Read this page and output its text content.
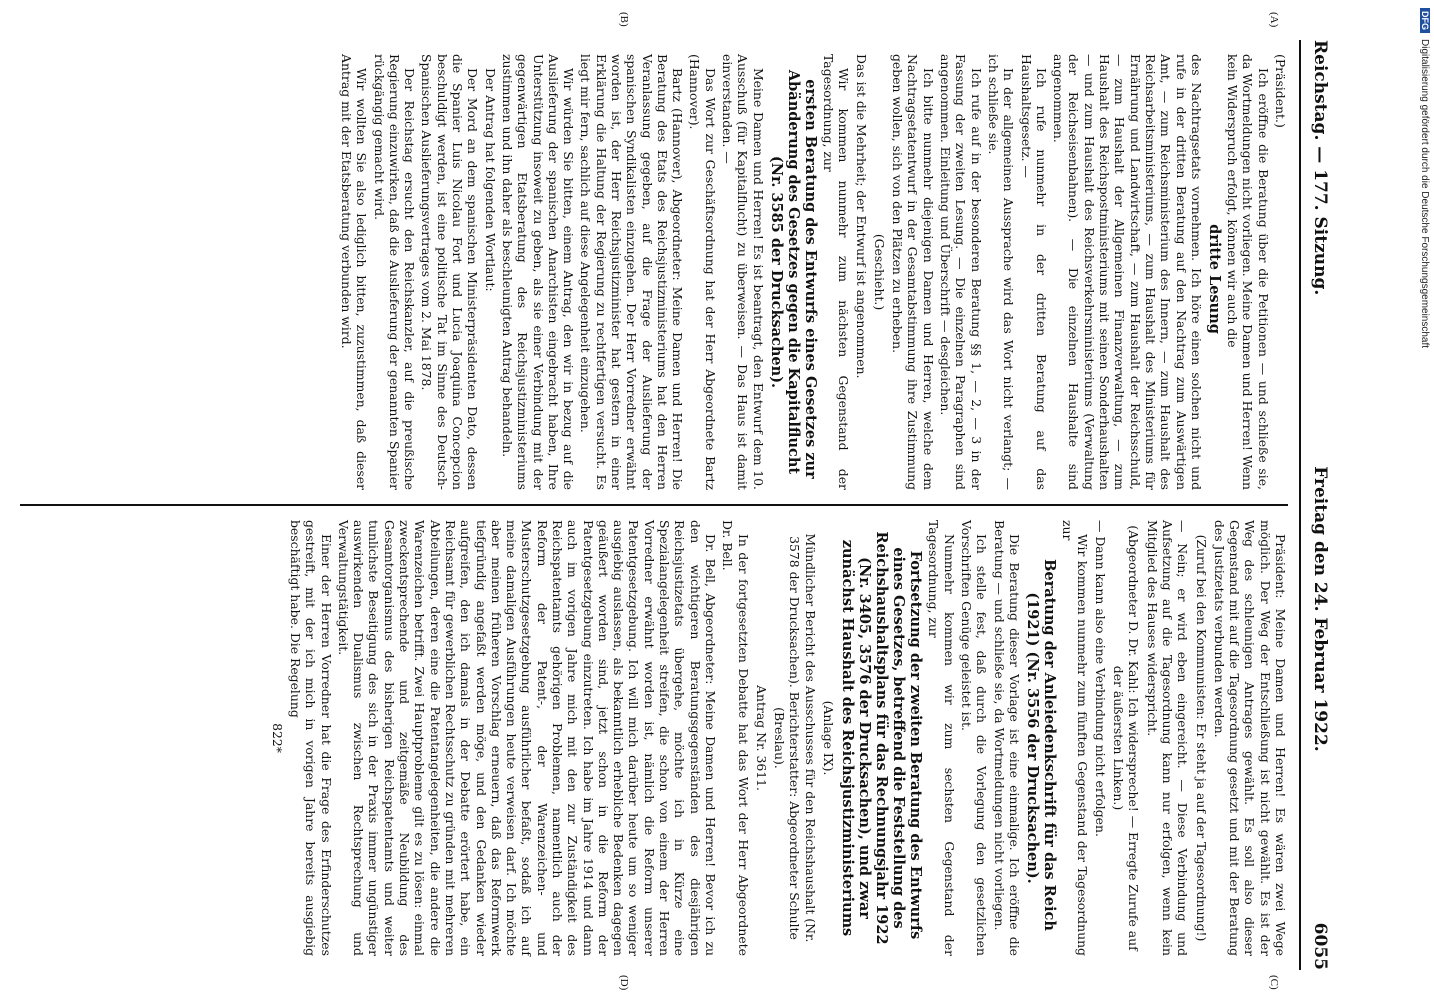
Reichstag. — 177. Sitzung.
Freitag den 24. Februar 1922.
6055
(A)
(B)
(C)
(D)

(Präsident.)

Ich eröffne die Beratung über die Petitionen — und schließe sie, da Wortmeldungen nicht vorliegen. Meine Damen und Herren! Wenn kein Widerspruch erfolgt, können wir auch die

dritte Lesung

des Nachtragsetats vornehmen. Ich höre einen solchen nicht und rufe in der dritten Beratung auf den Nachtrag zum Auswärtigen Amt, — zum Reichsministerium des Innern, — zum Haushalt des Reichsarbeitsministeriums, — zum Haushalt des Ministeriums für Ernährung und Landwirtschaft, — zum Haushalt der Reichsschuld, — zum Haushalt der Allgemeinen Finanzverwaltung, — zum Haushalt des Reichspostministeriums mit seinen Sonderhaushalten — und zum Haushalt des Reichsverkehrsministeriums (Verwaltung der Reichseisenbahnen). — Die einzelnen Haushalte sind angenommen.

Ich rufe nunmehr in der dritten Beratung auf das Haushaltsgesetz. —

In der allgemeinen Aussprache wird das Wort nicht verlangt; — ich schließe sie.

Ich rufe auf in der besonderen Beratung §§ 1, — 2, — 3 in der Fassung der zweiten Lesung. — Die einzelnen Paragraphen sind angenommen. Einleitung und Überschrift — desgleichen.

Ich bitte nunmehr diejenigen Damen und Herren, welche dem Nachtragsetatentwurf in der Gesamtabstimmung ihre Zustimmung geben wollen, sich von den Plätzen zu erheben.

(Geschieht.)

Das ist die Mehrheit; der Entwurf ist angenommen.

Wir kommen nunmehr zum nächsten Gegenstand der Tagesordnung, zur

ersten Beratung des Entwurfs eines Gesetzes zur Abänderung des Gesetzes gegen die Kapitalflucht (Nr. 3585 der Drucksachen).

Meine Damen und Herren! Es ist beantragt, den Entwurf dem 10. Ausschuß (für Kapitalflucht) zu überweisen. — Das Haus ist damit einverstanden. —

Das Wort zur Geschäftsordnung hat der Herr Abgeordnete Bartz (Hannover).

Bartz (Hannover), Abgeordneter: Meine Damen und Herren! Die Beratung des Etats des Reichsjustizministeriums hat den Herren Veranlassung gegeben, auf die Frage der Auslieferung der spanischen Syndikalisten einzugehen. Der Herr Vorredner erwähnt worden ist, der Herr Reichsjustizminister hat gestern in einer Erklärung die Haltung der Regierung zu rechtfertigen versucht. Es liegt mir fern, sachlich auf diese Angelegenheit einzugehen.

Wir würden Sie bitten, einem Antrag, den wir in bezug auf die Auslieferung der spanischen Anarchisten eingebracht haben, Ihre Unterstützung insoweit zu geben, als sie einer Verbindung mit der gegenwärtigen Etatsberatung des Reichsjustizministeriums zustimmen und ihn daher als beschleunigten Antrag behandeln.

Der Antrag hat folgenden Wortlaut:

Der Mord an dem spanischen Ministerpräsidenten Dato, dessen die Spanier Luis Nicolau Fort und Lucia Joaquina Concepcion beschuldigt werden, ist eine politische Tat im Sinne des Deutsch-Spanischen Auslieferungsvertrages vom 2. Mai 1878.

Der Reichstag ersucht den Reichskanzler, auf die preußische Regierung einzuwirken, daß die Auslieferung der genannten Spanier rückgängig gemacht wird.

Wir wollten Sie also lediglich bitten, zuzustimmen, daß dieser Antrag mit der Etatsberatung verbunden wird.

Präsident: Meine Damen und Herren! Es wären zwei Wege möglich. Der Weg der Entschließung ist nicht gewählt. Es ist der Weg des schleunigen Antrages gewählt. Es soll also dieser Gegenstand mit auf die Tagesordnung gesetzt und mit der Beratung des Justizetats verbunden werden.

(Zuruf bei den Kommunisten: Er steht ja auf der Tagesordnung!)

— Nein; er wird eben eingereicht. — Diese Verbindung und Aufsetzung auf die Tagesordnung kann nur erfolgen, wenn kein Mitglied des Hauses widerspricht.

(Abgeordneter D. Dr. Kahl: Ich widerspreche! — Erregte Zurufe auf der äußersten Linken.)

— Dann kann also eine Verbindung nicht erfolgen.

Wir kommen nunmehr zum fünften Gegenstand der Tagesordnung zur

Beratung der Anleiedenkschrift für das Reich (1921) (Nr. 3556 der Drucksachen).

Die Beratung dieser Vorlage ist eine einmalige. Ich eröffne die Beratung — und schließe sie, da Wortmeldungen nicht vorliegen.

Ich stelle fest, daß durch die Vorlegung den gesetzlichen Vorschriften Genüge geleistet ist.

Nunmehr kommen wir zum sechsten Gegenstand der Tagesordnung, zur

Fortsetzung der zweiten Beratung des Entwurfs eines Gesetzes, betreffend die Feststellung des Reichshaushaltsplans für das Rechnungsjahr 1922 (Nr. 3405, 3576 der Drucksachen), und zwar zunächst Haushalt des Reichsjustizministeriums

(Anlage IX).

Mündlicher Bericht des Ausschusses für den Reichshaushalt (Nr. 3578 der Drucksachen). Berichterstatter: Abgeordneter Schulte (Breslau).

Antrag Nr. 3611.

In der fortgesetzten Debatte hat das Wort der Herr Abgeordnete Dr. Bell.

Dr. Bell, Abgeordneter: Meine Damen und Herren! Bevor ich zu den wichtigeren Beratungsgegenständen des diesjährigen Reichsjustizetats übergehe, möchte ich in Kürze eine Spezialangelegenheit streifen, die schon von einem der Herren Vorredner erwähnt worden ist, nämlich die Reform unserer Patentgesetzgebung. Ich will mich darüber heute um so weniger ausgiebig auslassen, als bekanntlich erhebliche Bedenken dagegen geäußert worden sind, jetzt schon in die Reform der Patentgesetzgebung einzutreten. Ich habe im Jahre 1914 und dann auch im vorigen Jahre mich mit den zur Zuständigkeit des Reichspatentamts gehörigen Problemen, namentlich auch der Reform der Patent-, der Warenzeichen- und Musterschutzgesetzgebung ausführlicher befaßt, sodaß ich auf meine damaligen Ausführungen heute verweisen darf. Ich möchte aber meinen früheren Vorschlag erneuern, daß das Reformwerk tiefgründig angefaßt werden möge, und den Gedanken wieder aufgreifen, den ich damals in der Debatte erörtert habe, ein Reichsamt für gewerblichen Rechtsschutz zu gründen mit mehreren Abteilungen, deren eine die Patentangelegenheiten, die andere die Warenzeichen betrifft. Zwei Hauptprobleme gilt es zu lösen: einmal zweckentsprechende und zeitgemäße Neubildung des Gesamtorganismus des bisherigen Reichspatentamts und weiter tunlichste Beseitigung des sich in der Praxis immer ungünstiger auswirkenden Dualismus zwischen Rechtsprechung und Verwaltungstätigkeit.

Einer der Herren Vorredner hat die Frage des Erfinderschutzes gestreift, mit der ich mich in vorigen Jahre bereits ausgiebig beschäftigt habe. Die Regelung

822*

DFGDigitalisierung gefördert durch die Deutsche Forschungsgemeinschaft
